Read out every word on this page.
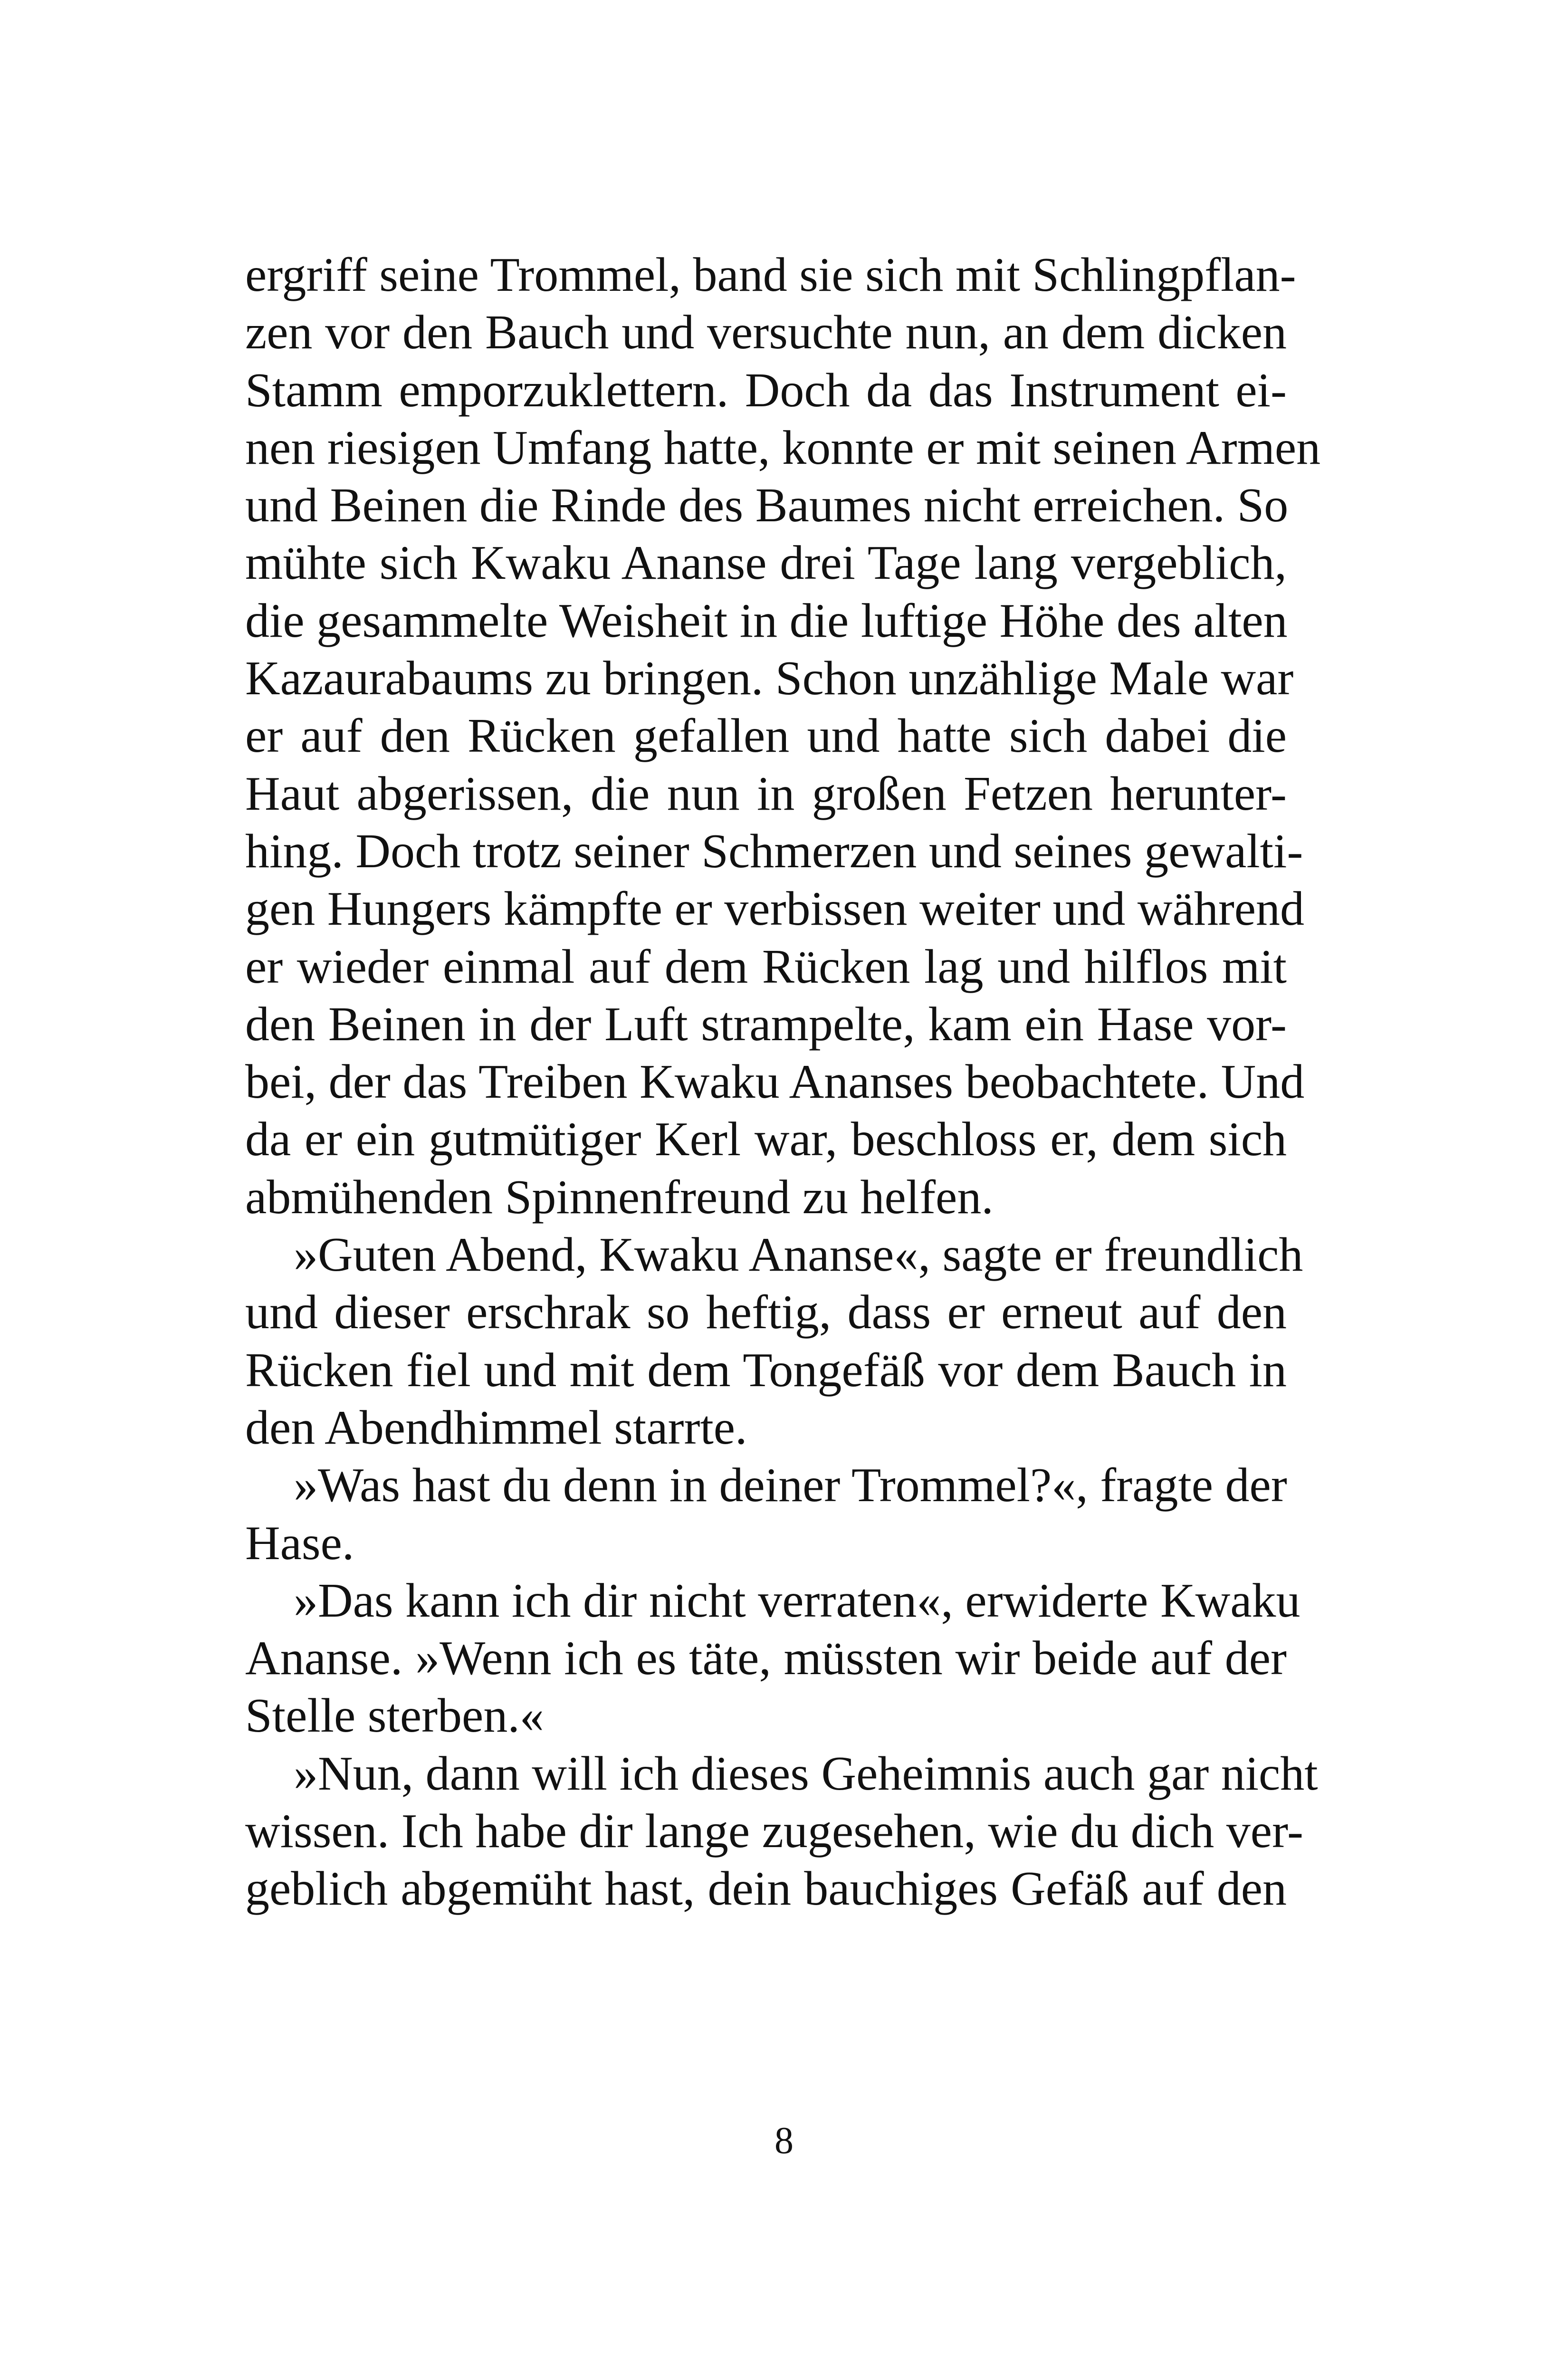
ergriff seine Trommel, band sie sich mit Schlingpflan-
zen vor den Bauch und versuchte nun, an dem dicken
Stamm emporzuklettern. Doch da das Instrument ei-
nen riesigen Umfang hatte, konnte er mit seinen Armen
und Beinen die Rinde des Baumes nicht erreichen. So
mühte sich Kwaku Ananse drei Tage lang vergeblich,
die gesammelte Weisheit in die luftige Höhe des alten
Kazaurabaums zu bringen. Schon unzählige Male war
er auf den Rücken gefallen und hatte sich dabei die
Haut abgerissen, die nun in großen Fetzen herunter-
hing. Doch trotz seiner Schmerzen und seines gewalti-
gen Hungers kämpfte er verbissen weiter und während
er wieder einmal auf dem Rücken lag und hilflos mit
den Beinen in der Luft strampelte, kam ein Hase vor-
bei, der das Treiben Kwaku Ananses beobachtete. Und
da er ein gutmütiger Kerl war, beschloss er, dem sich
abmühenden Spinnenfreund zu helfen.
»Guten Abend, Kwaku Ananse«, sagte er freundlich
und dieser erschrak so heftig, dass er erneut auf den
Rücken fiel und mit dem Tongefäß vor dem Bauch in
den Abendhimmel starrte.
»Was hast du denn in deiner Trommel?«, fragte der
Hase.
»Das kann ich dir nicht verraten«, erwiderte Kwaku
Ananse. »Wenn ich es täte, müssten wir beide auf der
Stelle sterben.«
»Nun, dann will ich dieses Geheimnis auch gar nicht
wissen. Ich habe dir lange zugesehen, wie du dich ver-
geblich abgemüht hast, dein bauchiges Gefäß auf den
8
